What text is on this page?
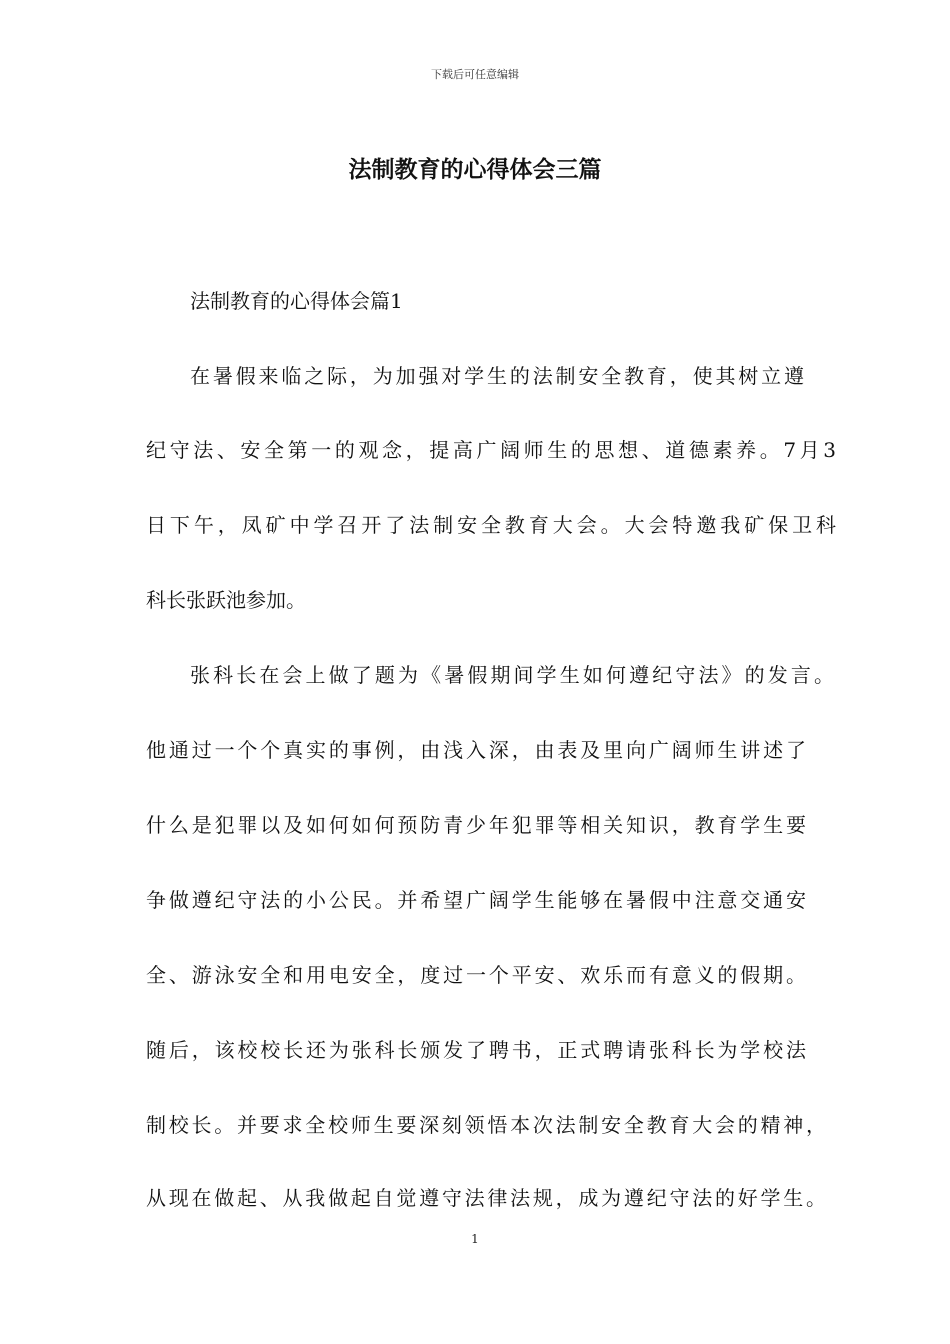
下载后可任意编辑
法制教育的心得体会三篇
法制教育的心得体会篇1
在暑假来临之际，为加强对学生的法制安全教育，使其树立遵
纪守法、安全第一的观念，提高广阔师生的思想、道德素养。7月3
日下午，凤矿中学召开了法制安全教育大会。大会特邀我矿保卫科
科长张跃池参加。
张科长在会上做了题为《暑假期间学生如何遵纪守法》的发言。
他通过一个个真实的事例，由浅入深，由表及里向广阔师生讲述了
什么是犯罪以及如何如何预防青少年犯罪等相关知识，教育学生要
争做遵纪守法的小公民。并希望广阔学生能够在暑假中注意交通安
全、游泳安全和用电安全，度过一个平安、欢乐而有意义的假期。
随后，该校校长还为张科长颁发了聘书，正式聘请张科长为学校法
制校长。并要求全校师生要深刻领悟本次法制安全教育大会的精神，
从现在做起、从我做起自觉遵守法律法规，成为遵纪守法的好学生。
1
